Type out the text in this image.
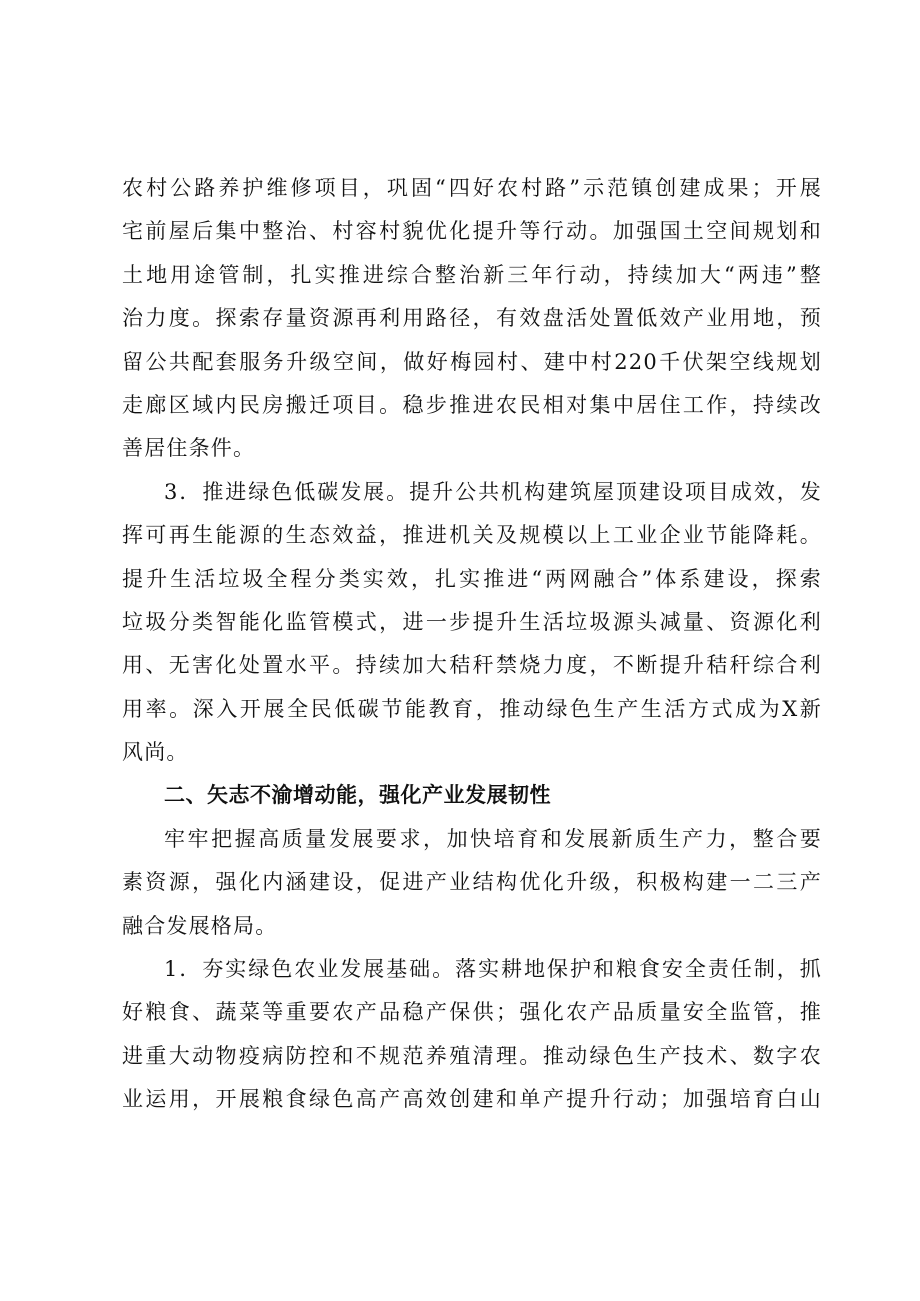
农村公路养护维修项目，巩固“四好农村路”示范镇创建成果；开展
宅前屋后集中整治、村容村貌优化提升等行动。加强国土空间规划和
土地用途管制，扎实推进综合整治新三年行动，持续加大“两违”整
治力度。探索存量资源再利用路径，有效盘活处置低效产业用地，预
留公共配套服务升级空间，做好梅园村、建中村220千伏架空线规划
走廊区域内民房搬迁项目。稳步推进农民相对集中居住工作，持续改
善居住条件。
3．推进绿色低碳发展。提升公共机构建筑屋顶建设项目成效，发
挥可再生能源的生态效益，推进机关及规模以上工业企业节能降耗。
提升生活垃圾全程分类实效，扎实推进“两网融合”体系建设，探索
垃圾分类智能化监管模式，进一步提升生活垃圾源头减量、资源化利
用、无害化处置水平。持续加大秸秆禁烧力度，不断提升秸秆综合利
用率。深入开展全民低碳节能教育，推动绿色生产生活方式成为X新
风尚。
二、矢志不渝增动能，强化产业发展韧性
牢牢把握高质量发展要求，加快培育和发展新质生产力，整合要
素资源，强化内涵建设，促进产业结构优化升级，积极构建一二三产
融合发展格局。
1．夯实绿色农业发展基础。落实耕地保护和粮食安全责任制，抓
好粮食、蔬菜等重要农产品稳产保供；强化农产品质量安全监管，推
进重大动物疫病防控和不规范养殖清理。推动绿色生产技术、数字农
业运用，开展粮食绿色高产高效创建和单产提升行动；加强培育白山
